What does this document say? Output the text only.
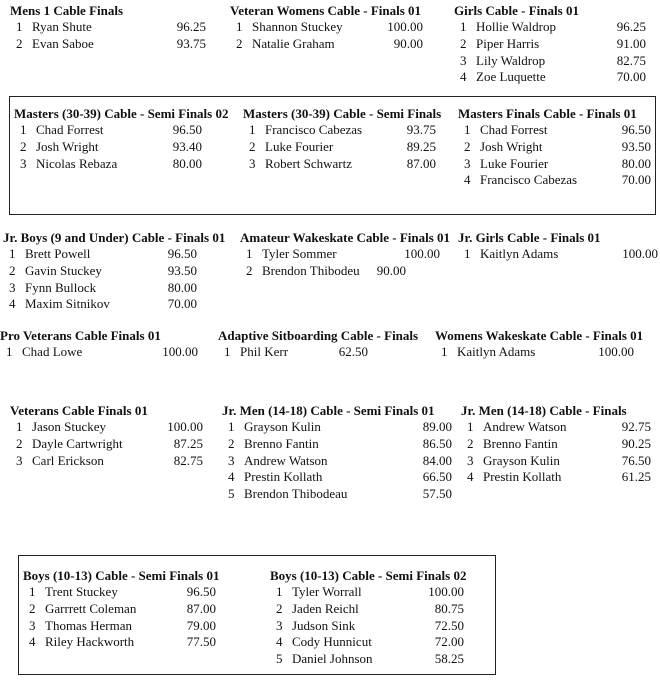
Mens 1 Cable Finals
1 Ryan Shute	96.25
2 Evan Saboe	93.75
Veteran Womens Cable - Finals 01
1 Shannon Stuckey	100.00
2 Natalie Graham	90.00
Girls Cable - Finals 01
1 Hollie Waldrop	96.25
2 Piper Harris	91.00
3 Lily Waldrop	82.75
4 Zoe Luquette	70.00
Masters (30-39) Cable - Semi Finals 02
1 Chad Forrest	96.50
2 Josh Wright	93.40
3 Nicolas Rebaza	80.00
Masters (30-39) Cable - Semi Finals
1 Francisco Cabezas	93.75
2 Luke Fourier	89.25
3 Robert Schwartz	87.00
Masters Finals Cable - Finals 01
1 Chad Forrest	96.50
2 Josh Wright	93.50
3 Luke Fourier	80.00
4 Francisco Cabezas	70.00
Jr. Boys (9 and Under) Cable - Finals 01
1 Brett Powell	96.50
2 Gavin Stuckey	93.50
3 Fynn Bullock	80.00
4 Maxim Sitnikov	70.00
Amateur Wakeskate Cable - Finals 01
1 Tyler Sommer	100.00
2 Brendon Thibodeu 90.00
Jr. Girls Cable - Finals 01
1 Kaitlyn Adams	100.00
Pro Veterans Cable Finals 01
1 Chad Lowe	100.00
Adaptive Sitboarding Cable - Finals
1 Phil Kerr	62.50
Womens Wakeskate Cable - Finals 01
1 Kaitlyn Adams	100.00
Veterans Cable Finals 01
1 Jason Stuckey	100.00
2 Dayle Cartwright	87.25
3 Carl Erickson	82.75
Jr. Men (14-18) Cable - Semi Finals 01
1 Grayson Kulin	89.00
2 Brenno Fantin	86.50
3 Andrew Watson	84.00
4 Prestin Kollath	66.50
5 Brendon Thibodeau	57.50
Jr. Men (14-18) Cable - Finals
1 Andrew Watson	92.75
2 Brenno Fantin	90.25
3 Grayson Kulin	76.50
4 Prestin Kollath	61.25
Boys (10-13) Cable - Semi Finals 01
1 Trent Stuckey	96.50
2 Garrrett Coleman	87.00
3 Thomas Herman	79.00
4 Riley Hackworth	77.50
Boys (10-13) Cable - Semi Finals 02
1 Tyler Worrall	100.00
2 Jaden Reichl	80.75
3 Judson Sink	72.50
4 Cody Hunnicut	72.00
5 Daniel Johnson	58.25
